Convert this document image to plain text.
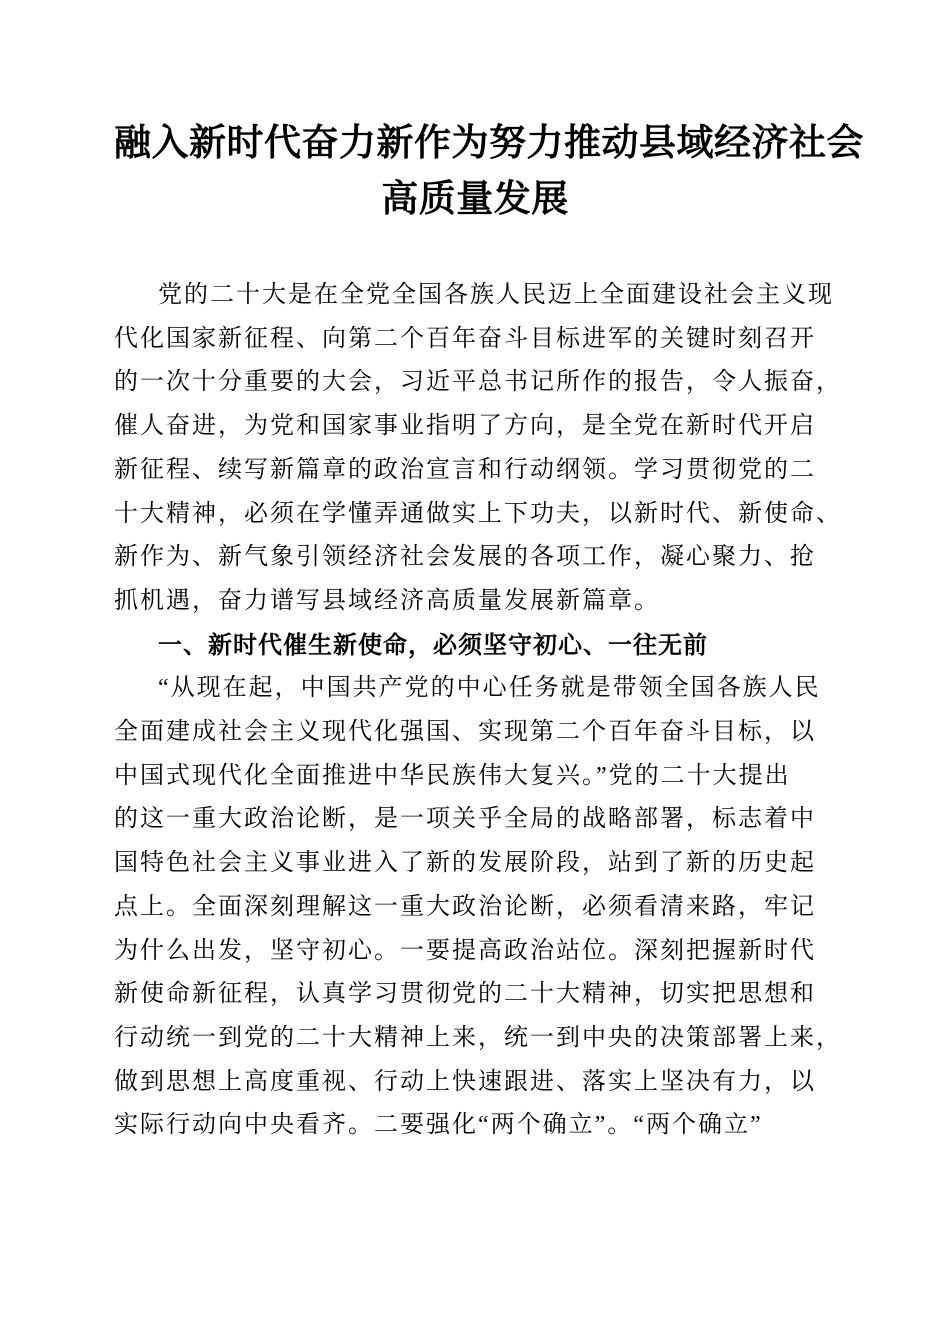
融入新时代奋力新作为努力推动县域经济社会
高质量发展
党的二十大是在全党全国各族人民迈上全面建设社会主义现
代化国家新征程、向第二个百年奋斗目标进军的关键时刻召开
的一次十分重要的大会，习近平总书记所作的报告，令人振奋，
催人奋进，为党和国家事业指明了方向，是全党在新时代开启
新征程、续写新篇章的政治宣言和行动纲领。学习贯彻党的二
十大精神，必须在学懂弄通做实上下功夫，以新时代、新使命、
新作为、新气象引领经济社会发展的各项工作，凝心聚力、抢
抓机遇，奋力谱写县域经济高质量发展新篇章。
一、新时代催生新使命，必须坚守初心、一往无前
“从现在起，中国共产党的中心任务就是带领全国各族人民
全面建成社会主义现代化强国、实现第二个百年奋斗目标，以
中国式现代化全面推进中华民族伟大复兴。”党的二十大提出
的这一重大政治论断，是一项关乎全局的战略部署，标志着中
国特色社会主义事业进入了新的发展阶段，站到了新的历史起
点上。全面深刻理解这一重大政治论断，必须看清来路，牢记
为什么出发，坚守初心。一要提高政治站位。深刻把握新时代
新使命新征程，认真学习贯彻党的二十大精神，切实把思想和
行动统一到党的二十大精神上来，统一到中央的决策部署上来，
做到思想上高度重视、行动上快速跟进、落实上坚决有力，以
实际行动向中央看齐。二要强化“两个确立”。“两个确立”
